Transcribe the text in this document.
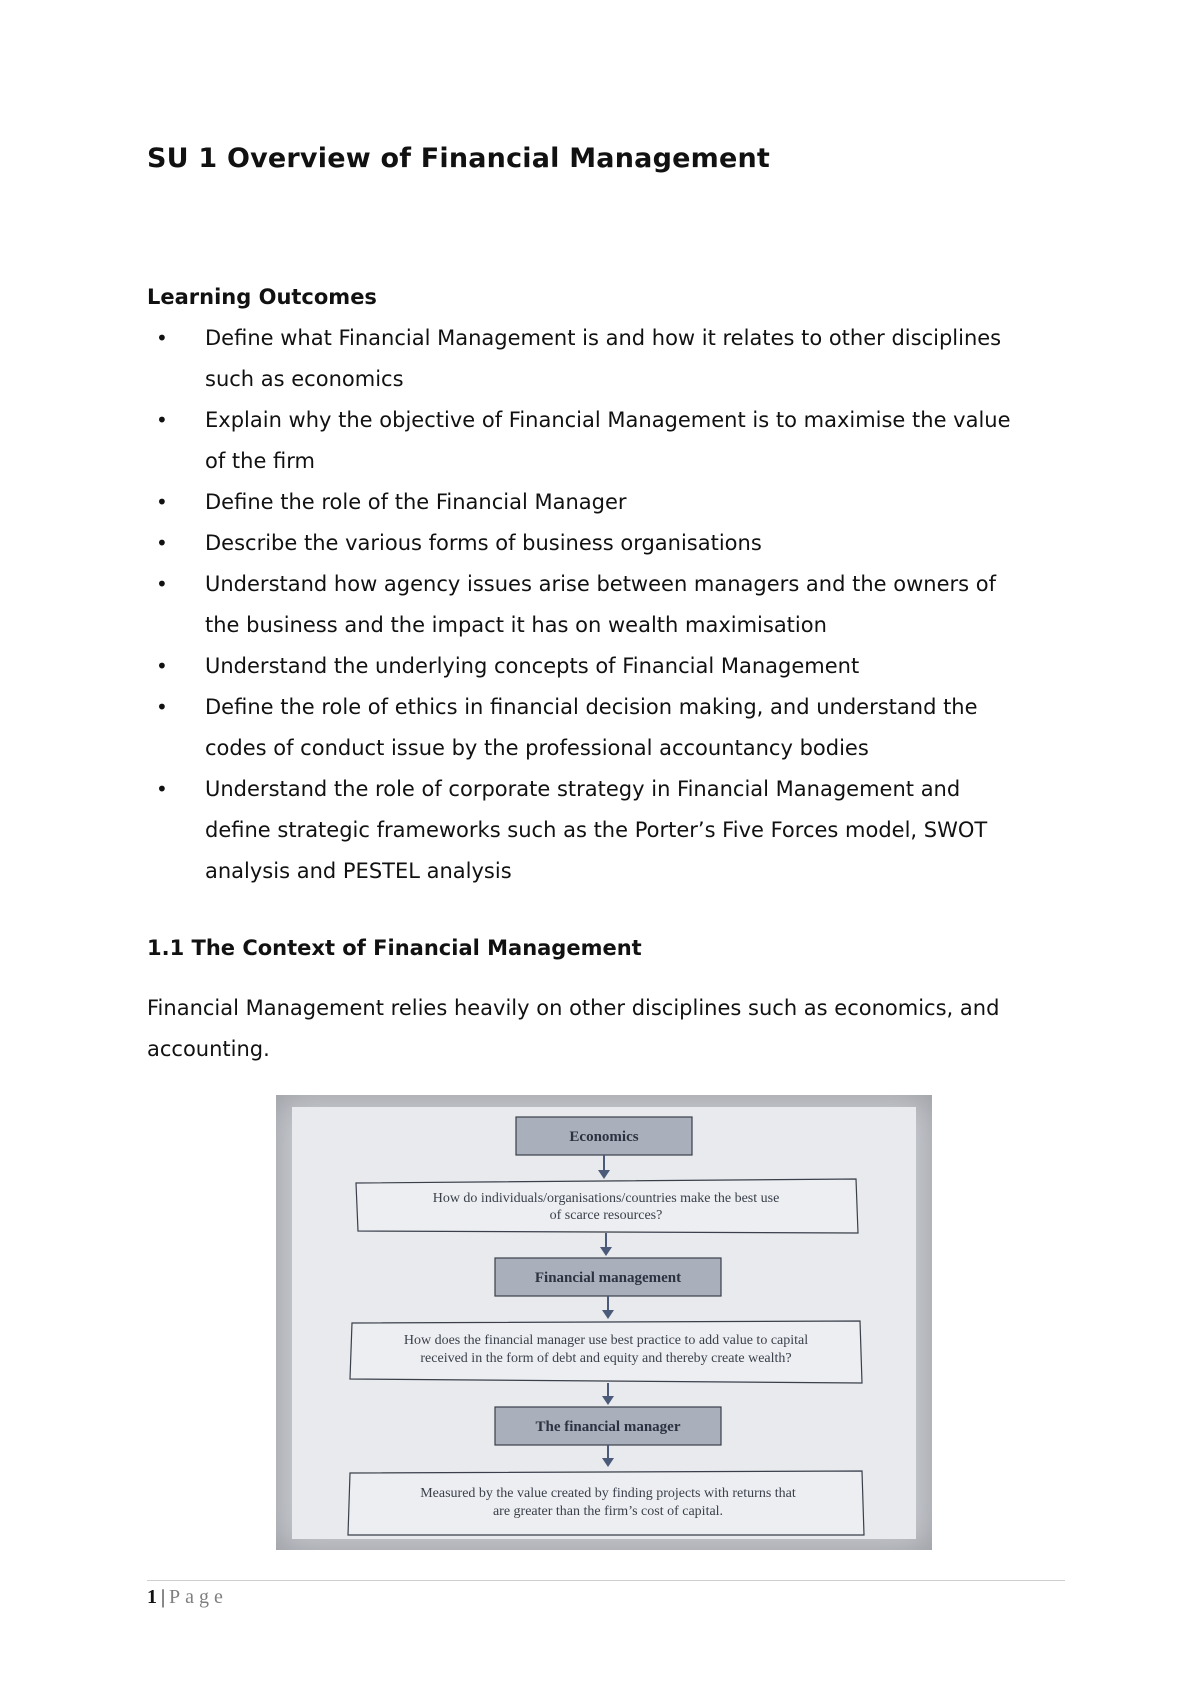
SU 1 Overview of Financial Management
Learning Outcomes
• Define what Financial Management is and how it relates to other disciplines
such as economics
• Explain why the objective of Financial Management is to maximise the value
of the firm
• Define the role of the Financial Manager
• Describe the various forms of business organisations
• Understand how agency issues arise between managers and the owners of
the business and the impact it has on wealth maximisation
• Understand the underlying concepts of Financial Management
• Define the role of ethics in financial decision making, and understand the
codes of conduct issue by the professional accountancy bodies
• Understand the role of corporate strategy in Financial Management and
define strategic frameworks such as the Porter’s Five Forces model, SWOT
analysis and PESTEL analysis
1.1 The Context of Financial Management

Financial Management relies heavily on other disciplines such as economics, and
accounting.

Economics
How do individuals/organisations/countries make the best use
of scarce resources?
Financial management
How does the financial manager use best practice to add value to capital
received in the form of debt and equity and thereby create wealth?
The financial manager
Measured by the value created by finding projects with returns that
are greater than the firm’s cost of capital.
1 | Page
